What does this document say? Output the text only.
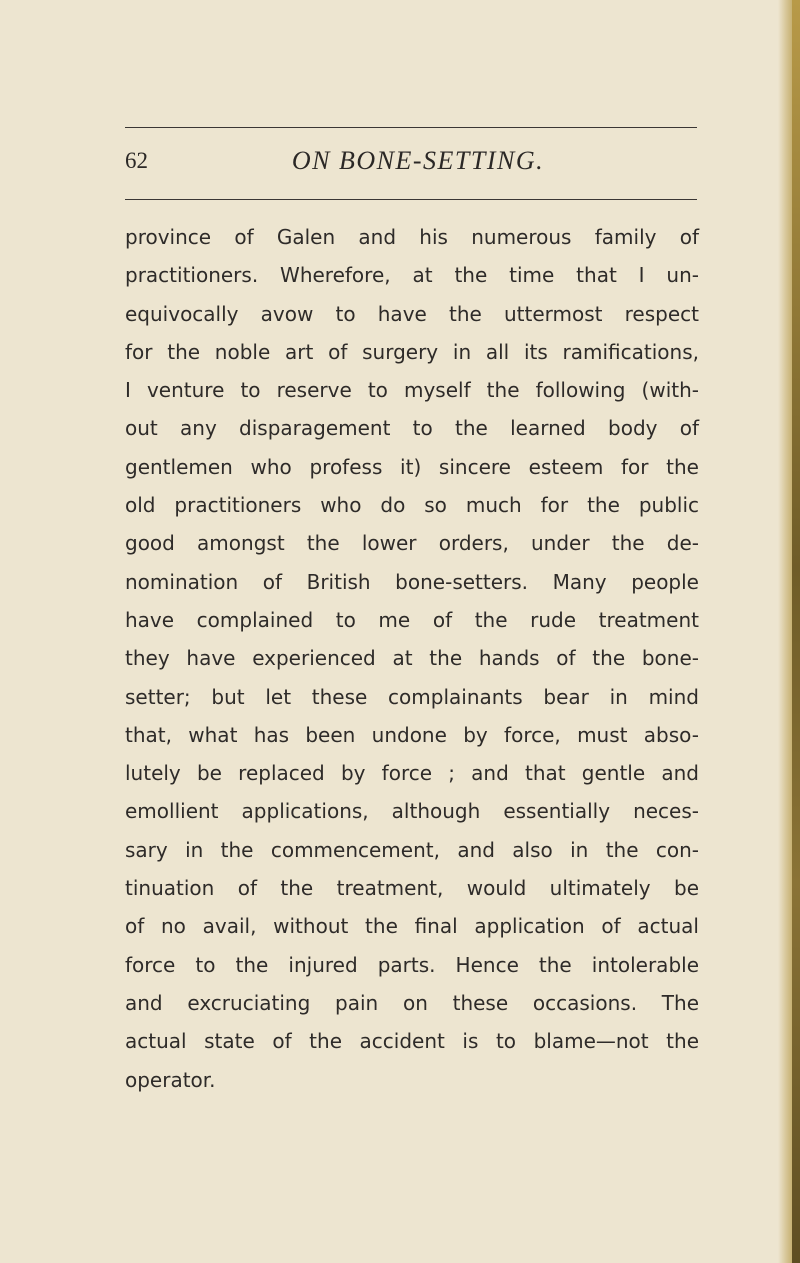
62	ON BONE-SETTING.
province of Galen and his numerous family of
practitioners. Wherefore, at the time that I un-
equivocally avow to have the uttermost respect
for the noble art of surgery in all its ramifications,
I venture to reserve to myself the following (with-
out any disparagement to the learned body of
gentlemen who profess it) sincere esteem for the
old practitioners who do so much for the public
good amongst the lower orders, under the de-
nomination of British bone-setters. Many people
have complained to me of the rude treatment
they have experienced at the hands of the bone-
setter; but let these complainants bear in mind
that, what has been undone by force, must abso-
lutely be replaced by force ; and that gentle and
emollient applications, although essentially neces-
sary in the commencement, and also in the con-
tinuation of the treatment, would ultimately be
of no avail, without the final application of actual
force to the injured parts. Hence the intolerable
and excruciating pain on these occasions. The
actual state of the accident is to blame—not the
operator.
